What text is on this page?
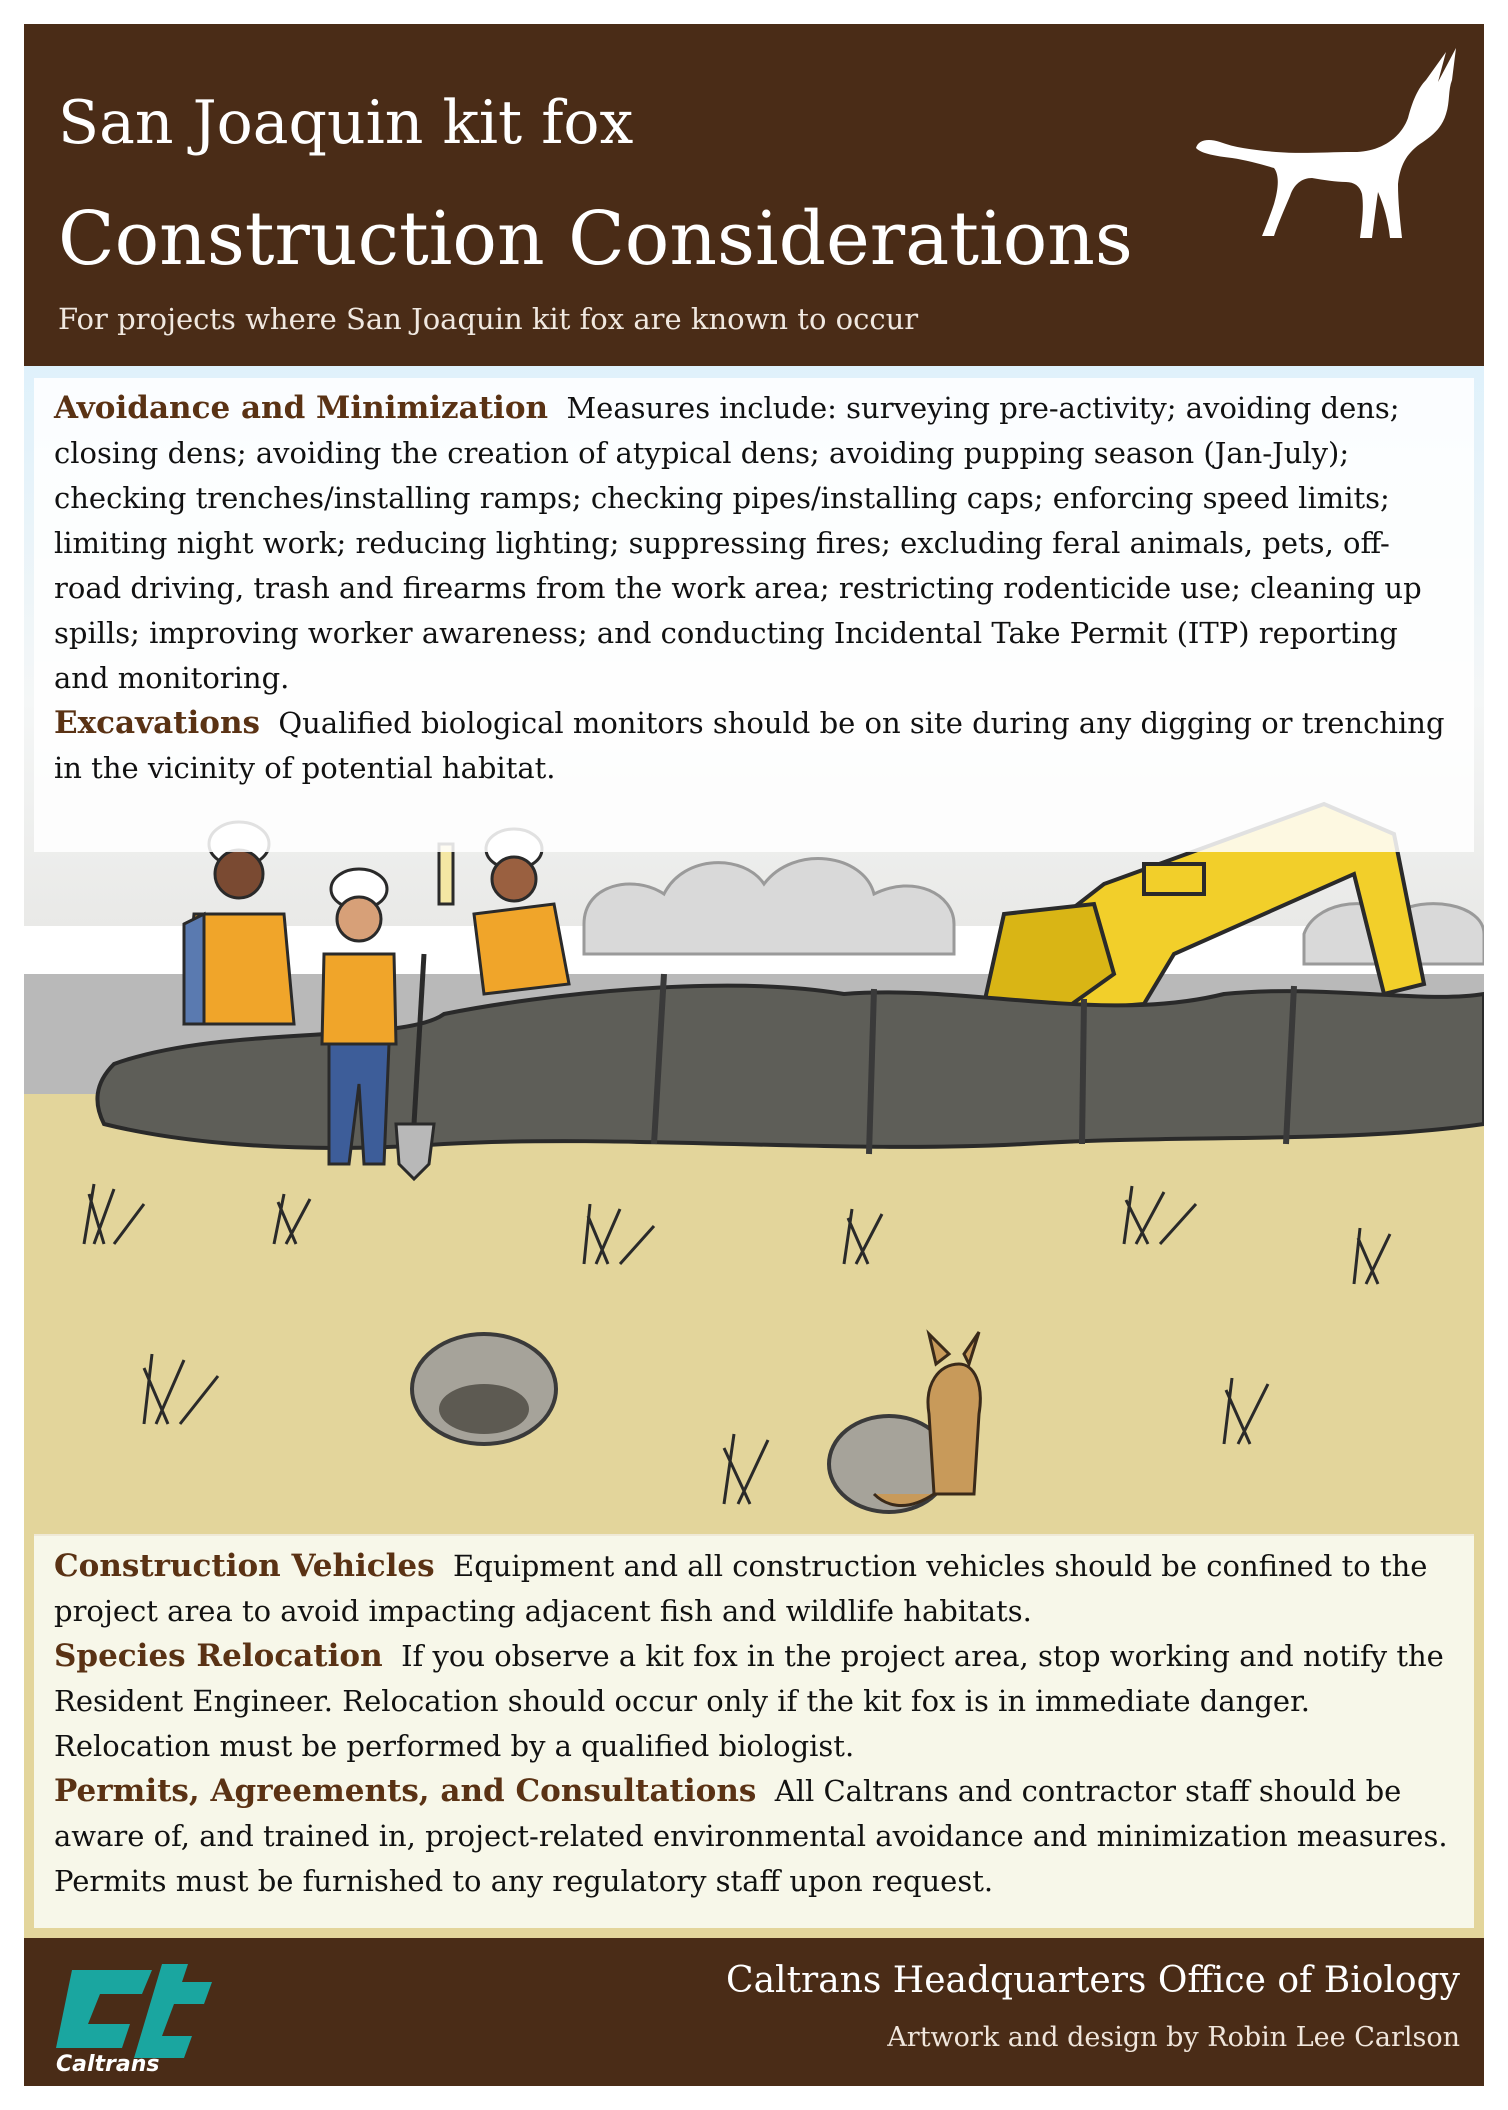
San Joaquin kit fox
Construction Considerations
For projects where San Joaquin kit fox are known to occur

Avoidance and Minimization Measures include: surveying pre-activity; avoiding dens; closing dens; avoiding the creation of atypical dens; avoiding pupping season (Jan-July); checking trenches/installing ramps; checking pipes/installing caps; enforcing speed limits; limiting night work; reducing lighting; suppressing fires; excluding feral animals, pets, off-road driving, trash and firearms from the work area; restricting rodenticide use; cleaning up spills; improving worker awareness; and conducting Incidental Take Permit (ITP) reporting and monitoring.

Excavations Qualified biological monitors should be on site during any digging or trenching in the vicinity of potential habitat.

Construction Vehicles Equipment and all construction vehicles should be confined to the project area to avoid impacting adjacent fish and wildlife habitats.

Species Relocation If you observe a kit fox in the project area, stop working and notify the Resident Engineer. Relocation should occur only if the kit fox is in immediate danger. Relocation must be performed by a qualified biologist.

Permits, Agreements, and Consultations All Caltrans and contractor staff should be aware of, and trained in, project-related environmental avoidance and minimization measures. Permits must be furnished to any regulatory staff upon request.

Caltrans
Caltrans Headquarters Office of Biology
Artwork and design by Robin Lee Carlson
